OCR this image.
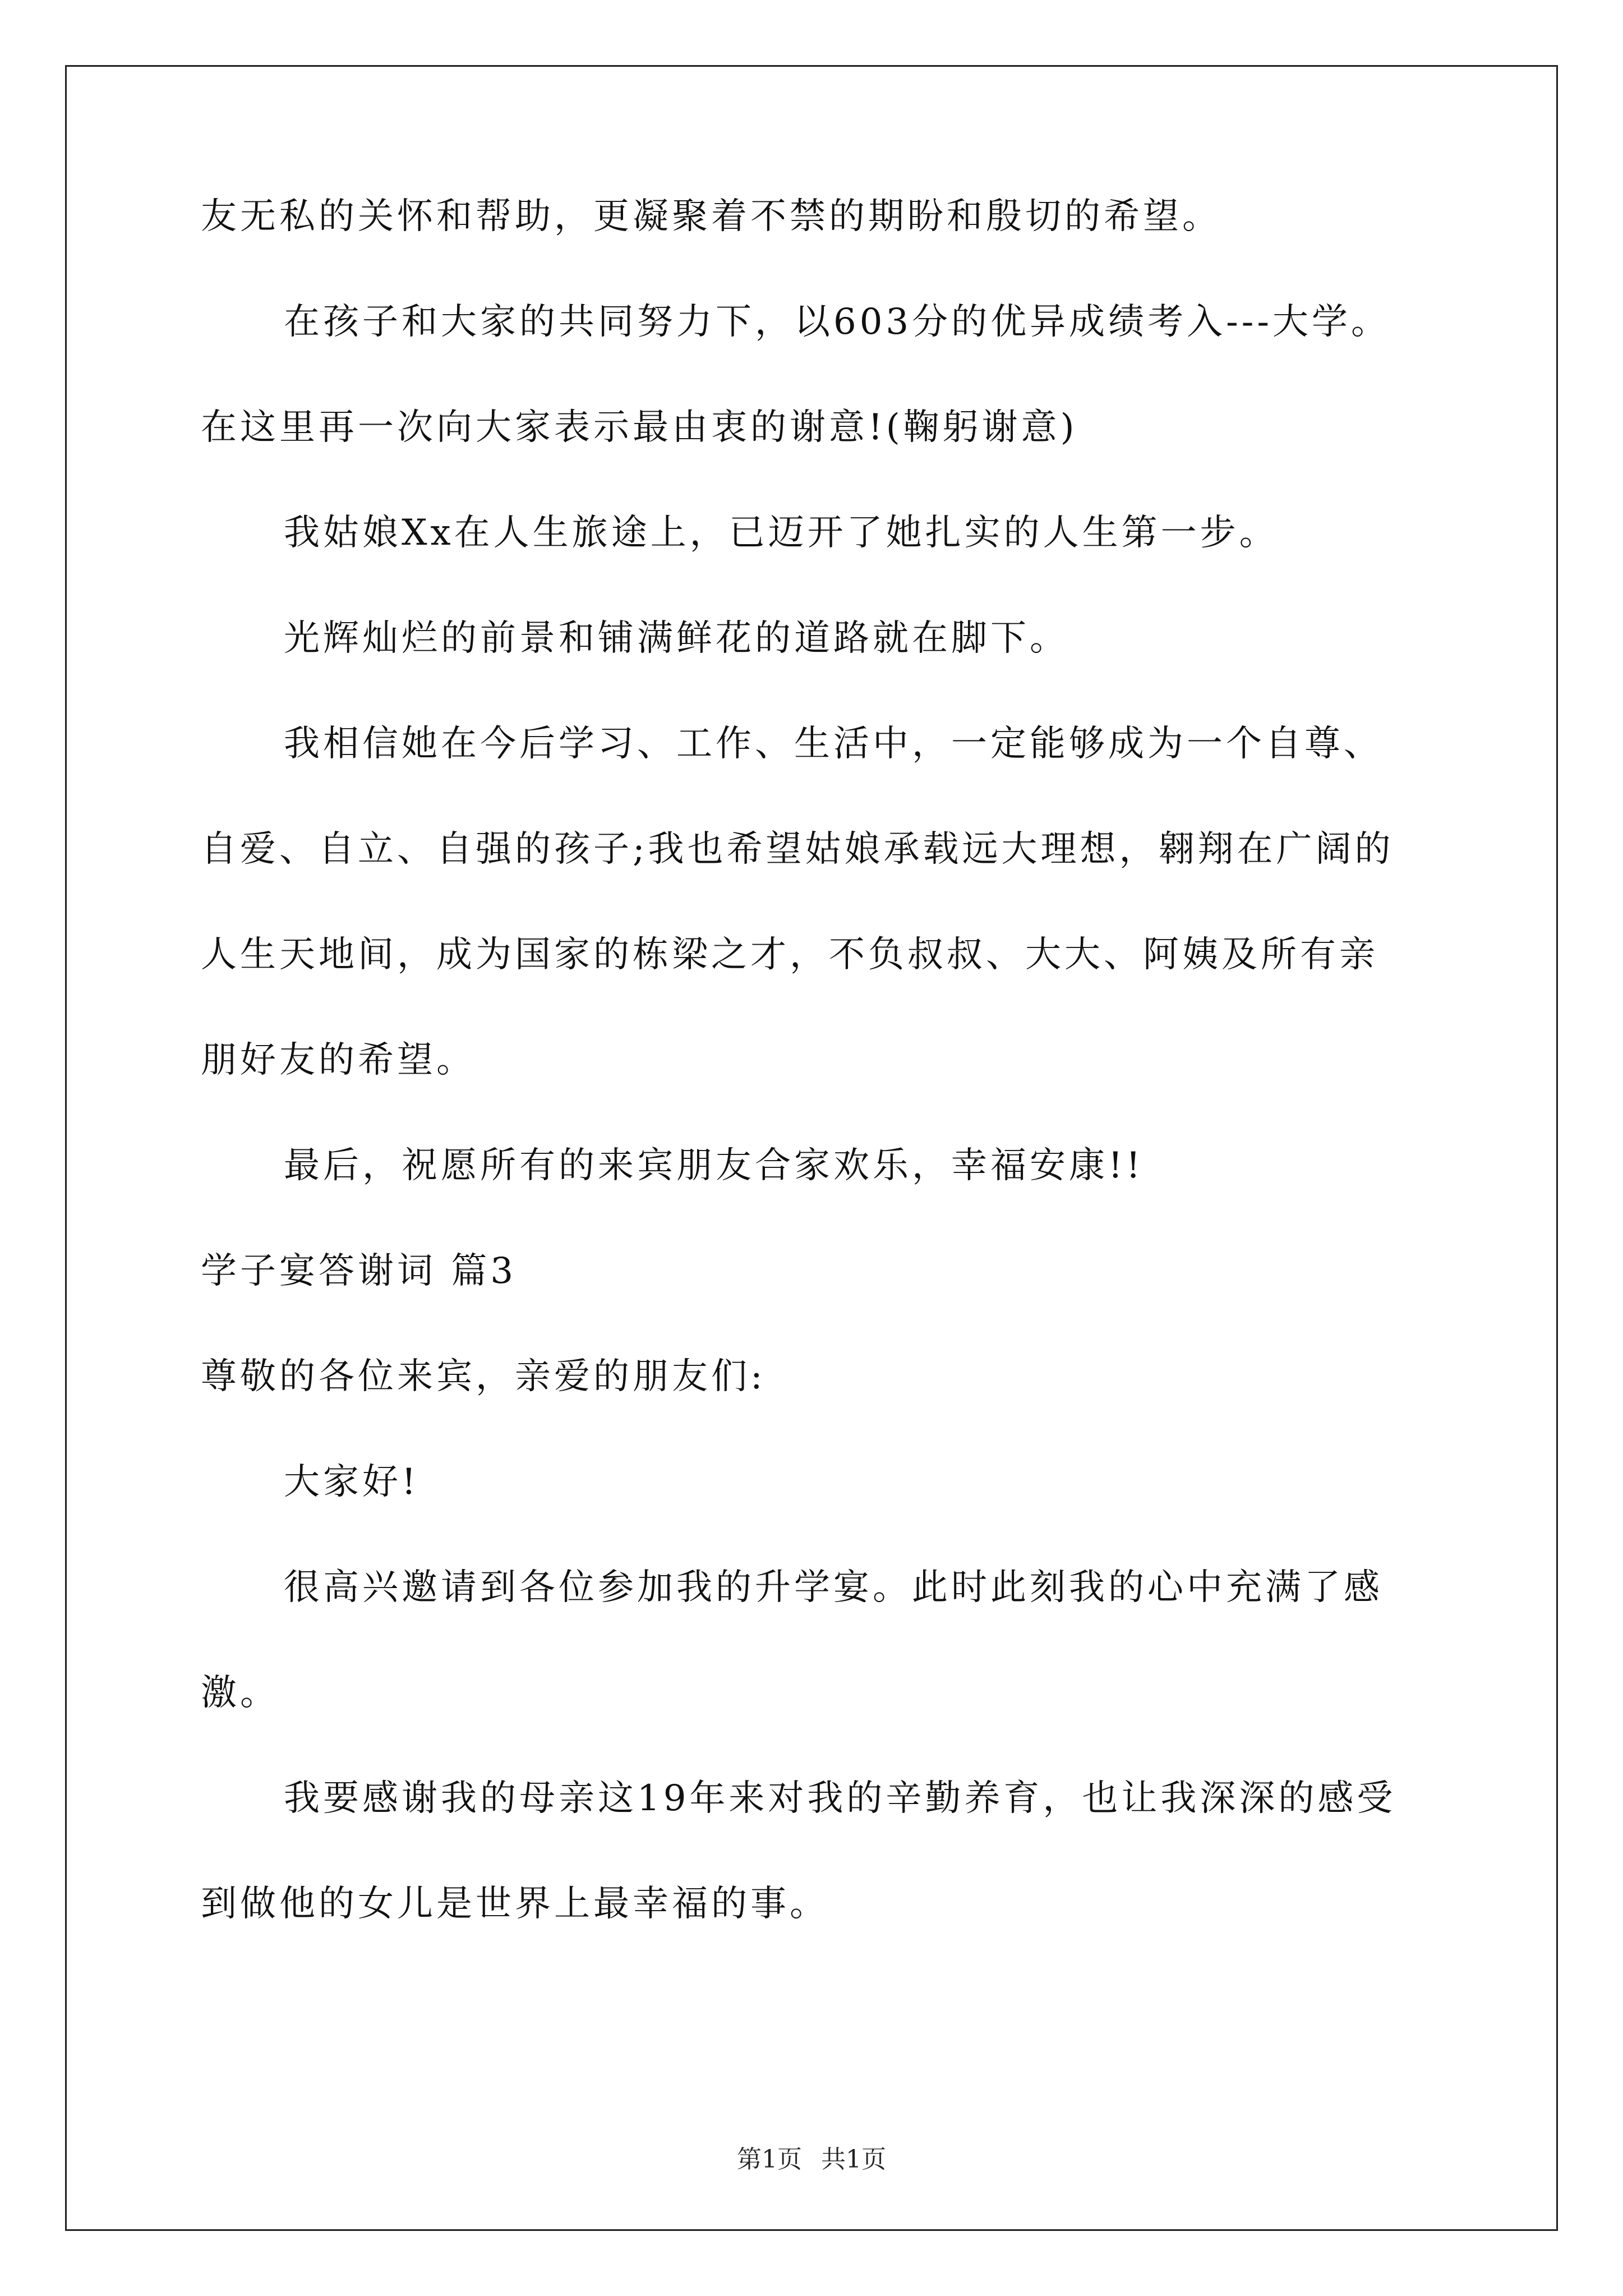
友无私的关怀和帮助，更凝聚着不禁的期盼和殷切的希望。
在孩子和大家的共同努力下，以603分的优异成绩考入---大学。
在这里再一次向大家表示最由衷的谢意!(鞠躬谢意)
我姑娘Xx在人生旅途上，已迈开了她扎实的人生第一步。
光辉灿烂的前景和铺满鲜花的道路就在脚下。
我相信她在今后学习、工作、生活中，一定能够成为一个自尊、
自爱、自立、自强的孩子;我也希望姑娘承载远大理想，翱翔在广阔的
人生天地间，成为国家的栋梁之才，不负叔叔、大大、阿姨及所有亲
朋好友的希望。
最后，祝愿所有的来宾朋友合家欢乐，幸福安康!!
学子宴答谢词 篇3
尊敬的各位来宾，亲爱的朋友们:
大家好!
很高兴邀请到各位参加我的升学宴。此时此刻我的心中充满了感
激。
我要感谢我的母亲这19年来对我的辛勤养育，也让我深深的感受
到做他的女儿是世界上最幸福的事。
第1页 共1页
